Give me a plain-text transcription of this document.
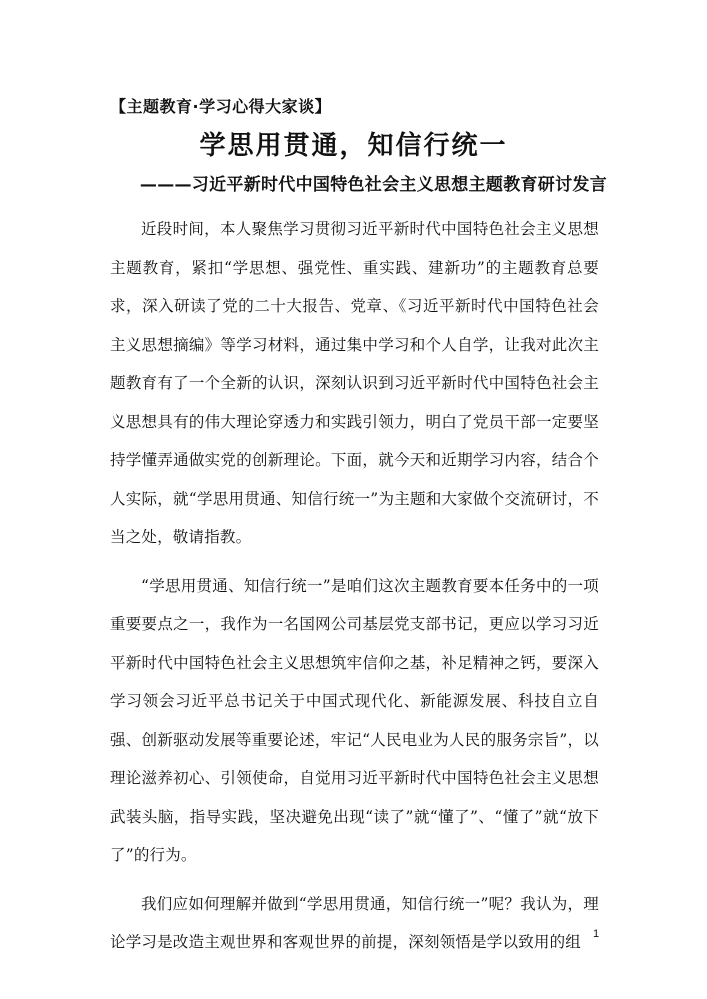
【主题教育·学习心得大家谈】
学思用贯通，知信行统一
———习近平新时代中国特色社会主义思想主题教育研讨发言

近段时间，本人聚焦学习贯彻习近平新时代中国特色社会主义思想主题教育，紧扣“学思想、强党性、重实践、建新功”的主题教育总要求，深入研读了党的二十大报告、党章、《习近平新时代中国特色社会主义思想摘编》等学习材料，通过集中学习和个人自学，让我对此次主题教育有了一个全新的认识，深刻认识到习近平新时代中国特色社会主义思想具有的伟大理论穿透力和实践引领力，明白了党员干部一定要坚持学懂弄通做实党的创新理论。下面，就今天和近期学习内容，结合个人实际，就“学思用贯通、知信行统一”为主题和大家做个交流研讨，不当之处，敬请指教。

“学思用贯通、知信行统一”是咱们这次主题教育要本任务中的一项重要要点之一，我作为一名国网公司基层党支部书记，更应以学习习近平新时代中国特色社会主义思想筑牢信仰之基，补足精神之钙，要深入学习领会习近平总书记关于中国式现代化、新能源发展、科技自立自强、创新驱动发展等重要论述，牢记“人民电业为人民的服务宗旨”，以理论滋养初心、引领使命，自觉用习近平新时代中国特色社会主义思想武装头脑，指导实践，坚决避免出现“读了”就“懂了”、“懂了”就“放下了”的行为。

我们应如何理解并做到“学思用贯通，知信行统一”呢？我认为，理论学习是改造主观世界和客观世界的前提，深刻领悟是学以致用的组	1
